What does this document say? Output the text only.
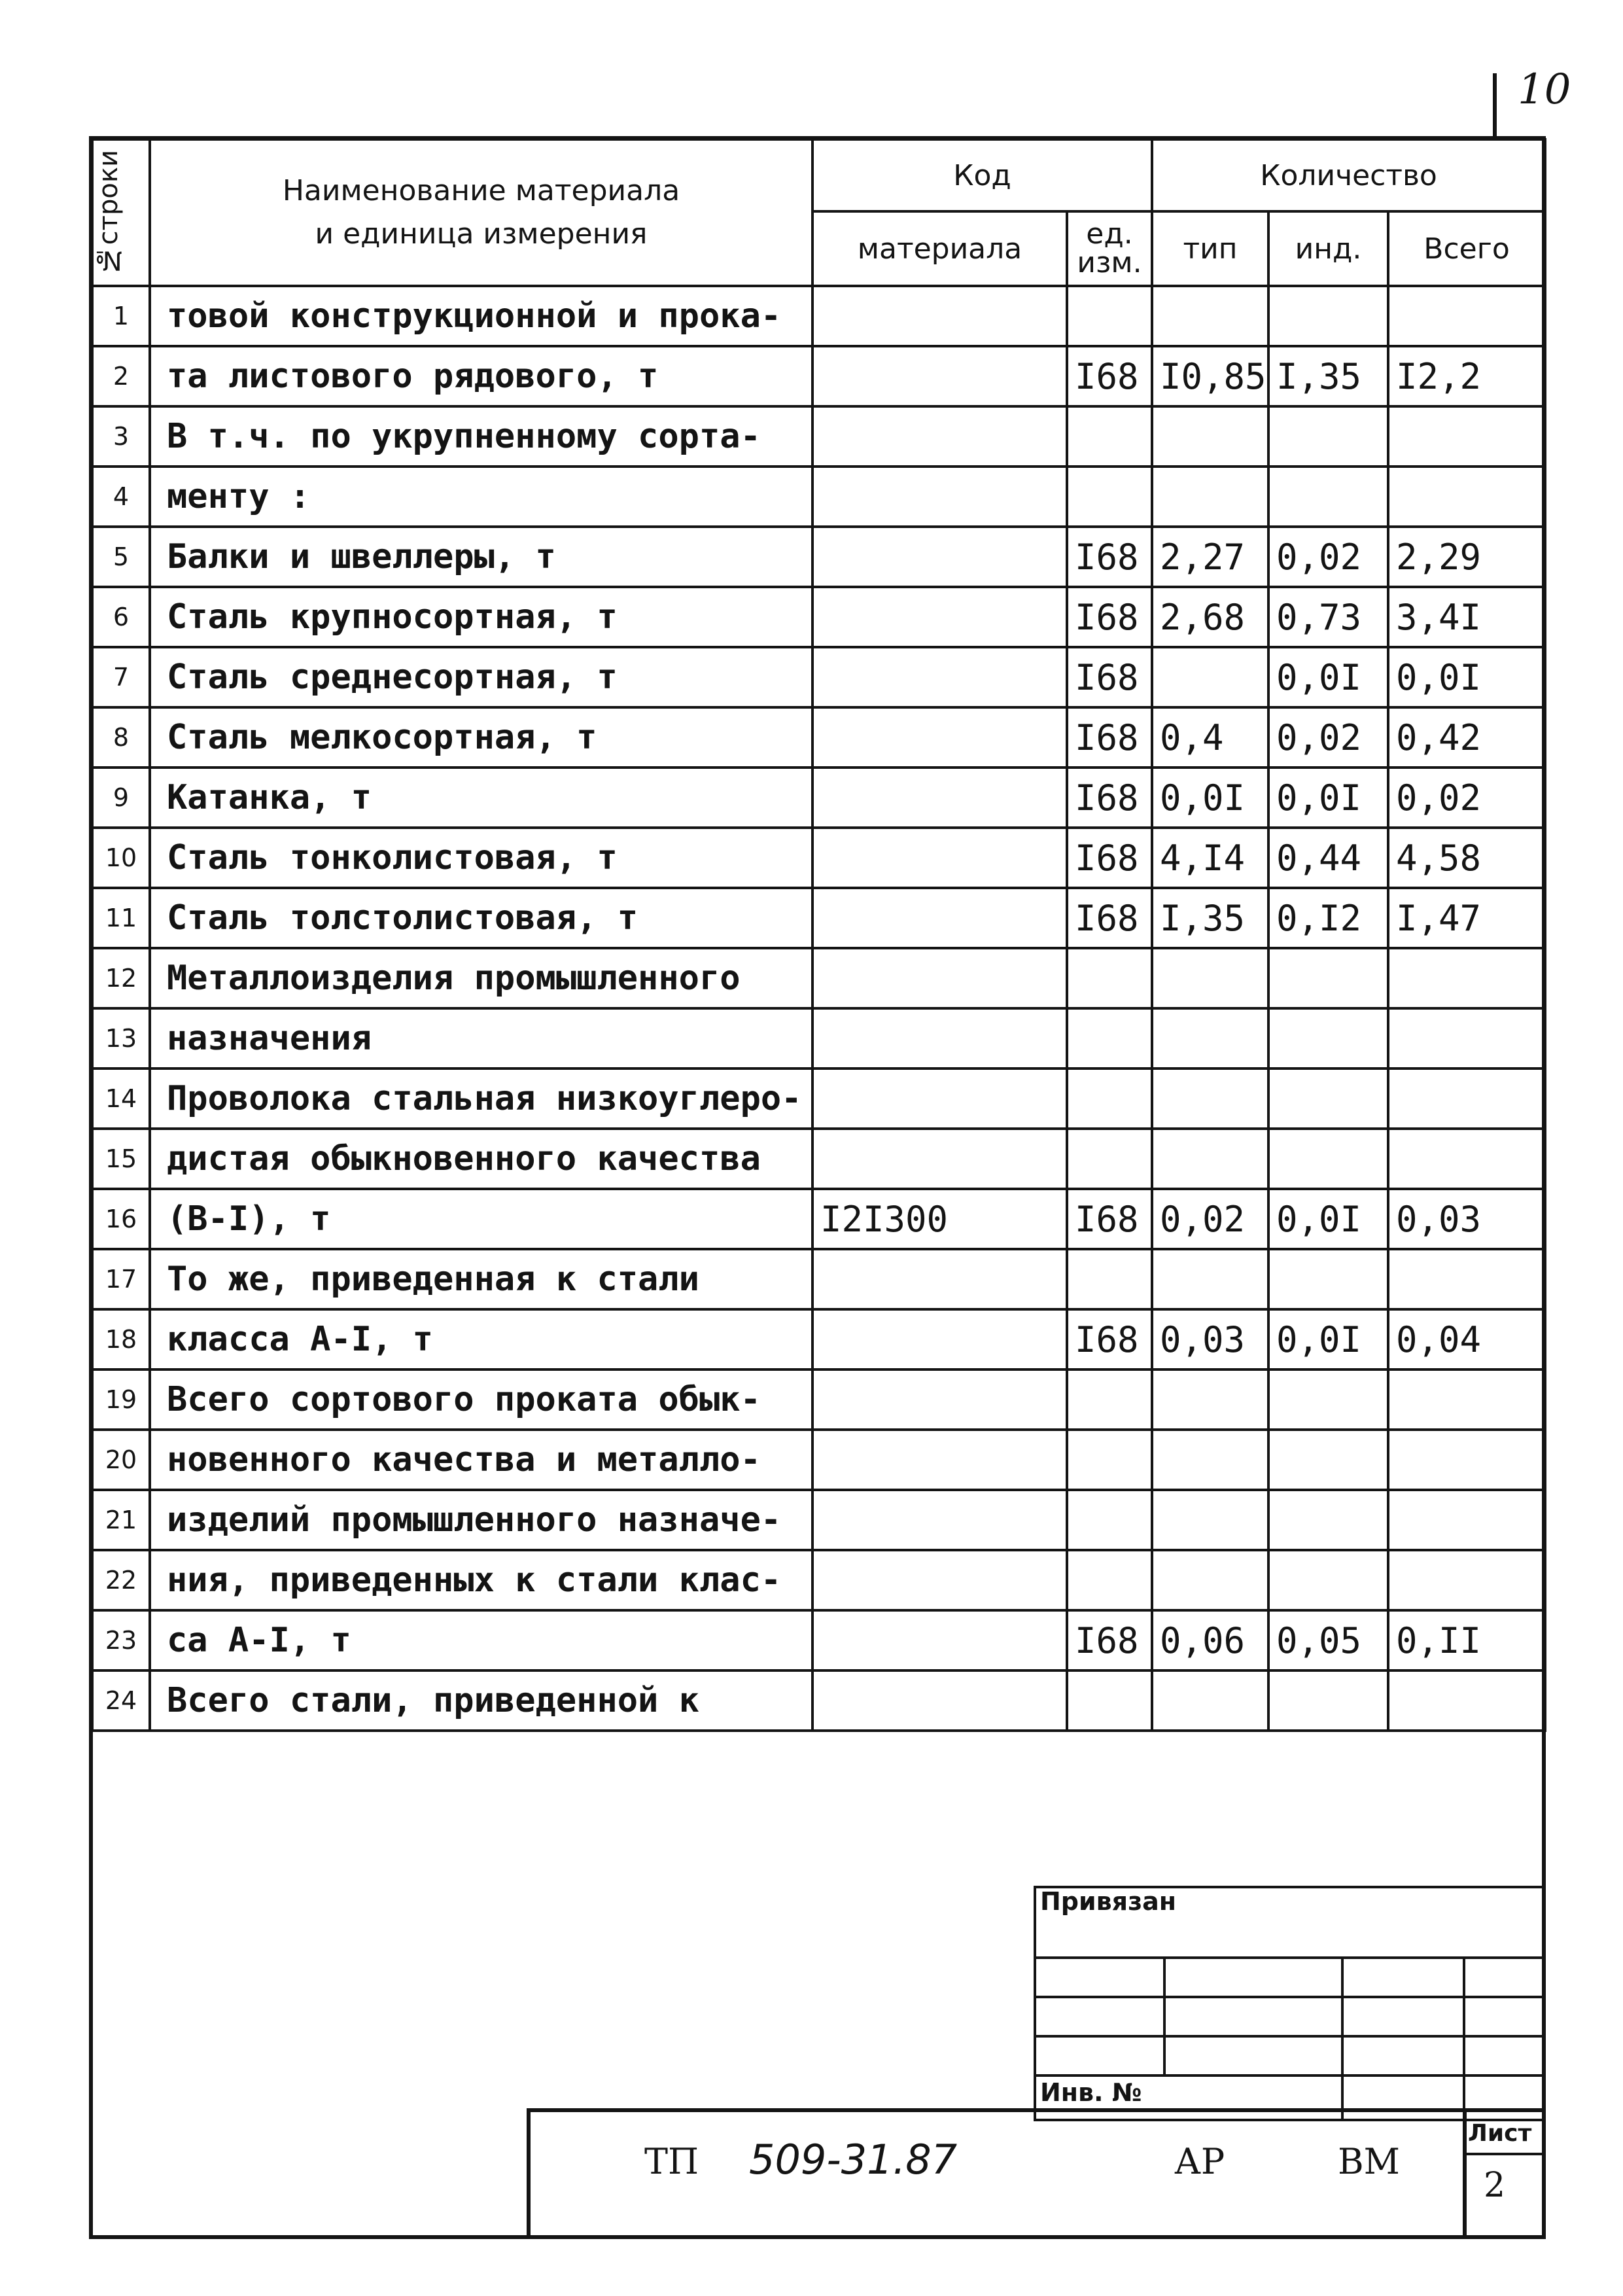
10
№строки	Наименование материала
и единица измерения	Код		Количество		
		материала	ед. изм.	тип	инд.	Всего
1	товой конструкционной и прока-					
2	та листового рядового, т		I68	I0,85	I,35	I2,2
3	В т.ч. по укрупненному сорта-					
4	менту :					
5	Балки и швеллеры, т		I68	2,27	0,02	2,29
6	Сталь крупносортная, т		I68	2,68	0,73	3,4I
7	Сталь среднесортная, т		I68		0,0I	0,0I
8	Сталь мелкосортная, т		I68	0,4	0,02	0,42
9	Катанка, т		I68	0,0I	0,0I	0,02
10	Сталь тонколистовая, т		I68	4,I4	0,44	4,58
11	Сталь толстолистовая, т		I68	I,35	0,I2	I,47
12	Металлоизделия промышленного					
13	назначения					
14	Проволока стальная низкоуглеро-					
15	дистая обыкновенного качества					
16	(В-I), т	I2I300	I68	0,02	0,0I	0,03
17	То же, приведенная к стали					
18	класса А-I, т		I68	0,03	0,0I	0,04
19	Всего сортового проката обык-					
20	новенного качества и металло-					
21	изделий промышленного назначе-					
22	ния, приведенных к стали клас-					
23	са А-I, т		I68	0,06	0,05	0,II
24	Всего стали, приведенной к					
Привязан
Инв. №
ТП 509-31.87	АР	ВМ
Лист
2
